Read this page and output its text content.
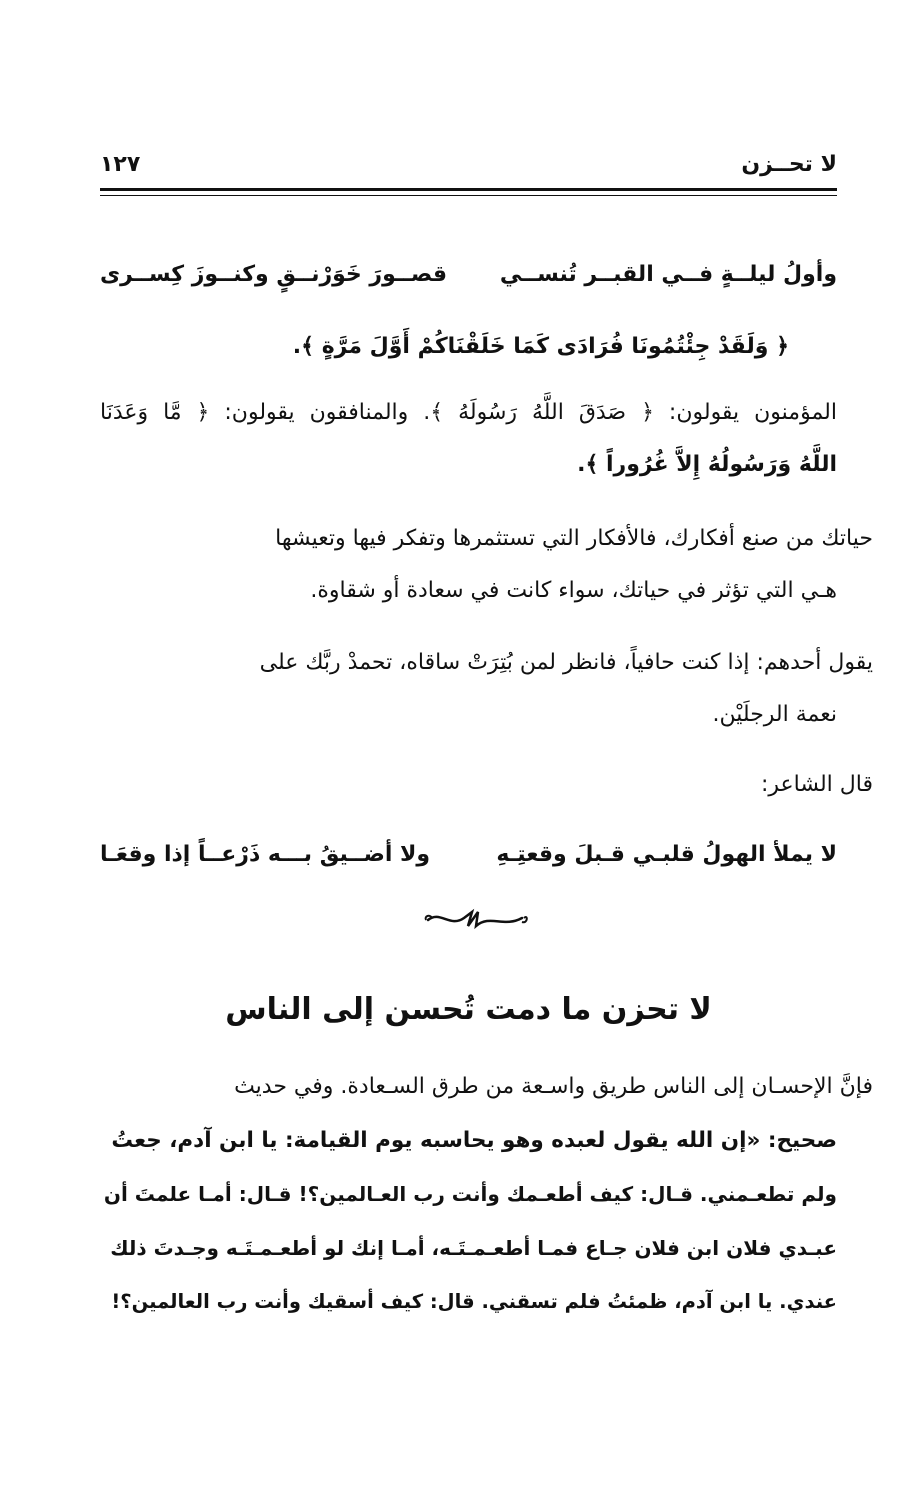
لا تحــزن
١٢٧
وأولُ ليلــةٍ فــي القبــر تُنســي
قصــورَ خَوَرْنــقٍ وكنــوزَ كِســرى
﴿ وَلَقَدْ جِئْتُمُونَا فُرَادَى كَمَا خَلَقْنَاكُمْ أَوَّلَ مَرَّةٍ ﴾.
المؤمنون يقولون: ﴿ صَدَقَ اللَّهُ رَسُولَهُ ﴾. والمنافقون يقولون: ﴿ مَّا وَعَدَنَا
اللَّهُ وَرَسُولُهُ إِلاَّ غُرُوراً ﴾.
حياتك من صنع أفكارك، فالأفكار التي تستثمرها وتفكر فيها وتعيشها
هـي التي تؤثر في حياتك، سواء كانت في سعادة أو شقاوة.
يقول أحدهم: إذا كنت حافياً، فانظر لمن بُتِرَتْ ساقاه، تحمدْ ربَّك على
نعمة الرجلَيْن.
قال الشاعر:
لا يملأ الهولُ قلبـي قـبلَ وقعتِـهِ
ولا أضــيقُ بـــه ذَرْعــاً إذا وقعَـا
لا تحزن ما دمت تُحسن إلى الناس
فإنَّ الإحسـان إلى الناس طريق واسـعة من طرق السـعادة. وفي حديث
صحيح: «إن الله يقول لعبده وهو يحاسبه يوم القيامة: يا ابن آدم، جعتُ
ولم تطعـمني. قـال: كيف أطعـمك وأنت رب العـالمين؟! قـال: أمـا علمتَ أن
عبـدي فلان ابن فلان جـاع فمـا أطعـمـتَـه، أمـا إنك لو أطعـمـتَـه وجـدتَ ذلك
عندي. يا ابن آدم، ظمئتُ فلم تسقني. قال: كيف أسقيك وأنت رب العالمين؟!
